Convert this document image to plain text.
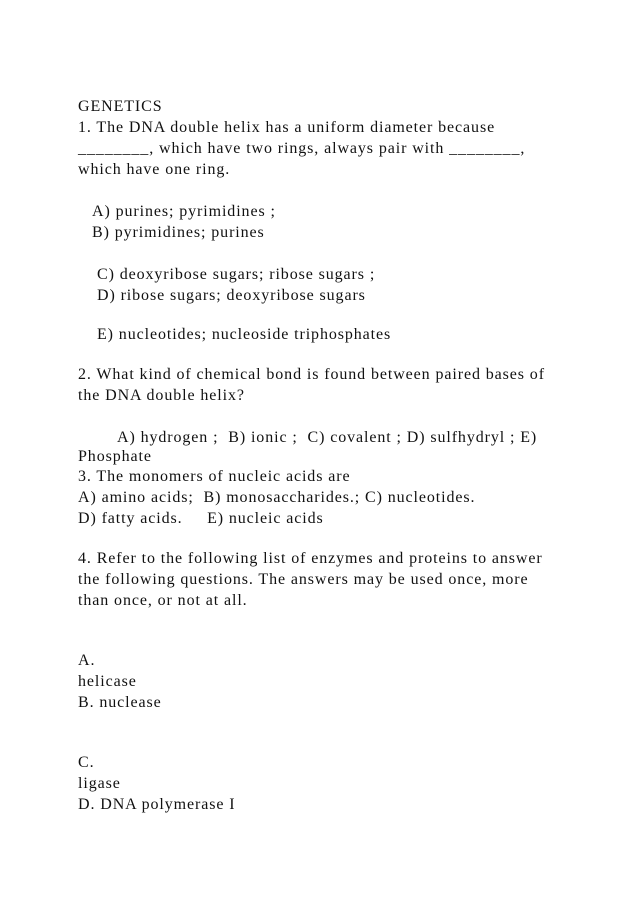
GENETICS

1. The DNA double helix has a uniform diameter because

________, which have two rings, always pair with ________,

which have one ring.

A) purines; pyrimidines ;

B) pyrimidines; purines

C) deoxyribose sugars; ribose sugars ;

D) ribose sugars; deoxyribose sugars

E) nucleotides; nucleoside triphosphates

2. What kind of chemical bond is found between paired bases of

the DNA double helix?

A) hydrogen ;  B) ionic ;  C) covalent ; D) sulfhydryl ; E)

Phosphate

3. The monomers of nucleic acids are

A) amino acids;  B) monosaccharides.; C) nucleotides.

D) fatty acids.     E) nucleic acids

4. Refer to the following list of enzymes and proteins to answer

the following questions. The answers may be used once, more

than once, or not at all.

A.

helicase

B. nuclease

C.

ligase

D. DNA polymerase I
